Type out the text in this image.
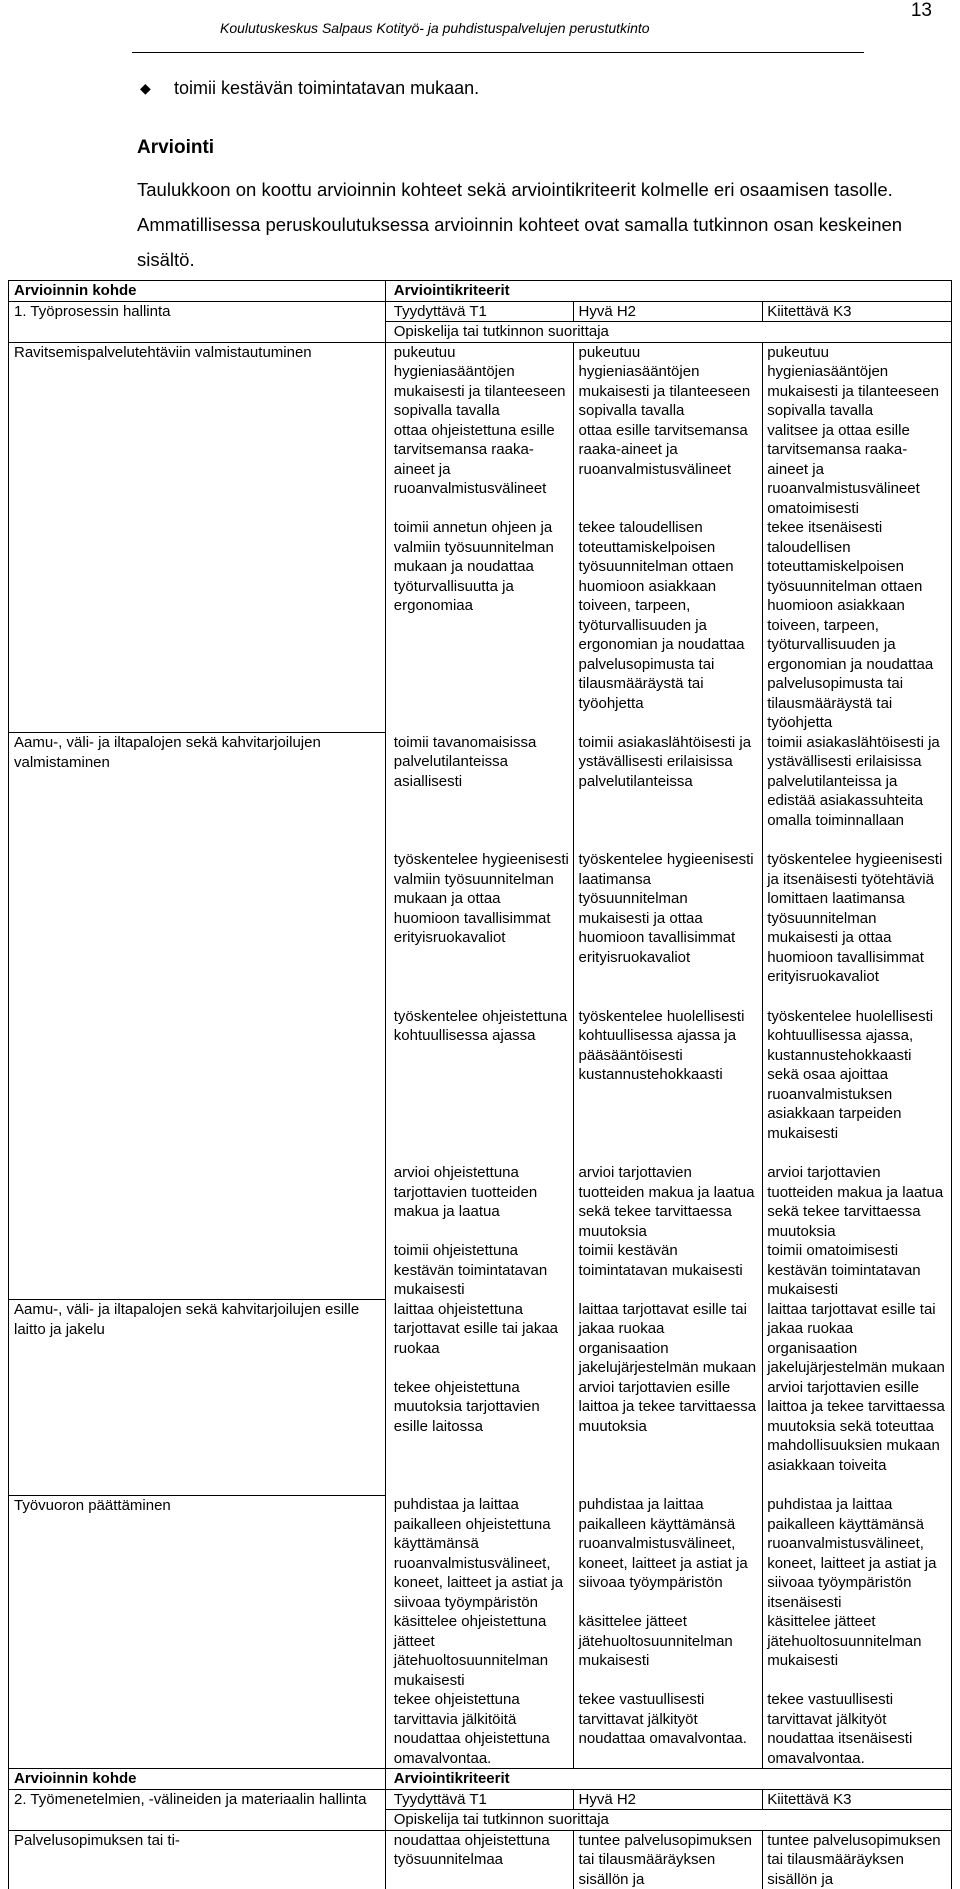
Koulutuskeskus Salpaus Kotityö- ja puhdistuspalvelujen perustutkinto
13
◆	toimii kestävän toimintatavan mukaan.
Arviointi

Taulukkoon on koottu arvioinnin kohteet sekä arviointikriteerit kolmelle eri osaamisen tasolle. Ammatillisessa peruskoulutuksessa arvioinnin kohteet ovat samalla tutkinnon osan keskeinen sisältö.

Arvioinnin kohde	Arviointikriteerit		
1. Työprosessin hallinta	Tyydyttävä T1	Hyvä H2	Kiitettävä K3
	Opiskelija tai tutkinnon suorittaja		
Ravitsemispalvelutehtäviin valmistautuminen	pukeutuu hygieniasääntöjen mukaisesti ja tilanteeseen sopivalla tavalla	pukeutuu hygieniasääntöjen mukaisesti ja tilanteeseen sopivalla tavalla	pukeutuu hygieniasääntöjen mukaisesti ja tilanteeseen sopivalla tavalla
	ottaa ohjeistettuna esille tarvitsemansa raaka-aineet ja ruoanvalmistusvälineet	ottaa esille tarvitsemansa raaka-aineet ja ruoanvalmistusvälineet	valitsee ja ottaa esille tarvitsemansa raaka-aineet ja ruoanvalmistusvälineet omatoimisesti
	toimii annetun ohjeen ja valmiin työsuunnitelman mukaan ja noudattaa työturvallisuutta ja ergonomiaa	tekee taloudellisen toteuttamiskelpoisen työsuunnitelman ottaen huomioon asiakkaan toiveen, tarpeen, työturvallisuuden ja ergonomian ja noudattaa palvelusopimusta tai tilausmääräystä tai työohjetta	tekee itsenäisesti taloudellisen toteuttamiskelpoisen työsuunnitelman ottaen huomioon asiakkaan toiveen, tarpeen, työturvallisuuden ja ergonomian ja noudattaa palvelusopimusta tai tilausmääräystä tai työohjetta
Aamu-, väli- ja iltapalojen sekä kahvitarjoilujen valmistaminen	toimii tavanomaisissa palvelutilanteissa asiallisesti	toimii asiakaslähtöisesti ja ystävällisesti erilaisissa palvelutilanteissa	toimii asiakaslähtöisesti ja ystävällisesti erilaisissa palvelutilanteissa ja edistää asiakassuhteita omalla toiminnallaan
	työskentelee hygieenisesti valmiin työsuunnitelman mukaan ja ottaa huomioon tavallisimmat erityisruokavaliot	työskentelee hygieenisesti laatimansa työsuunnitelman mukaisesti ja ottaa huomioon tavallisimmat erityisruokavaliot	työskentelee hygieenisesti ja itsenäisesti työtehtäviä lomittaen laatimansa työsuunnitelman mukaisesti ja ottaa huomioon tavallisimmat erityisruokavaliot
	työskentelee ohjeistettuna kohtuullisessa ajassa	työskentelee huolellisesti kohtuullisessa ajassa ja pääsääntöisesti kustannustehokkaasti	työskentelee huolellisesti kohtuullisessa ajassa, kustannustehokkaasti sekä osaa ajoittaa ruoanvalmistuksen asiakkaan tarpeiden mukaisesti
	arvioi ohjeistettuna tarjottavien tuotteiden makua ja laatua	arvioi tarjottavien tuotteiden makua ja laatua sekä tekee tarvittaessa muutoksia	arvioi tarjottavien tuotteiden makua ja laatua sekä tekee tarvittaessa muutoksia
	toimii ohjeistettuna kestävän toimintatavan mukaisesti	toimii kestävän toimintatavan mukaisesti	toimii omatoimisesti kestävän toimintatavan mukaisesti
Aamu-, väli- ja iltapalojen sekä kahvitarjoilujen esille laitto ja jakelu	laittaa ohjeistettuna tarjottavat esille tai jakaa ruokaa	laittaa tarjottavat esille tai jakaa ruokaa organisaation jakelujärjestelmän mukaan	laittaa tarjottavat esille tai jakaa ruokaa organisaation jakelujärjestelmän mukaan
	tekee ohjeistettuna muutoksia tarjottavien esille laitossa	arvioi tarjottavien esille laittoa ja tekee tarvittaessa muutoksia	arvioi tarjottavien esille laittoa ja tekee tarvittaessa muutoksia sekä toteuttaa mahdollisuuksien mukaan asiakkaan toiveita
Työvuoron päättäminen	puhdistaa ja laittaa paikalleen ohjeistettuna käyttämänsä ruoanvalmistusvälineet, koneet, laitteet ja astiat ja siivoaa työympäristön	puhdistaa ja laittaa paikalleen käyttämänsä ruoanvalmistusvälineet, koneet, laitteet ja astiat ja siivoaa työympäristön	puhdistaa ja laittaa paikalleen käyttämänsä ruoanvalmistusvälineet, koneet, laitteet ja astiat ja siivoaa työympäristön itsenäisesti
	käsittelee ohjeistettuna jätteet jätehuoltosuunnitelman mukaisesti	käsittelee jätteet jätehuoltosuunnitelman mukaisesti	käsittelee jätteet jätehuoltosuunnitelman mukaisesti
	tekee ohjeistettuna tarvittavia jälkitöitä	tekee vastuullisesti tarvittavat jälkityöt	tekee vastuullisesti tarvittavat jälkityöt
	noudattaa ohjeistettuna omavalvontaa.	noudattaa omavalvontaa.	noudattaa itsenäisesti omavalvontaa.
Arvioinnin kohde	Arviointikriteerit		
2. Työmenetelmien, -välineiden ja materiaalin hallinta	Tyydyttävä T1	Hyvä H2	Kiitettävä K3
	Opiskelija tai tutkinnon suorittaja		
Palvelusopimuksen tai ti-	noudattaa ohjeistettuna työsuunnitelmaa	tuntee palvelusopimuksen tai tilausmääräyksen sisällön ja	tuntee palvelusopimuksen tai tilausmääräyksen sisällön ja
